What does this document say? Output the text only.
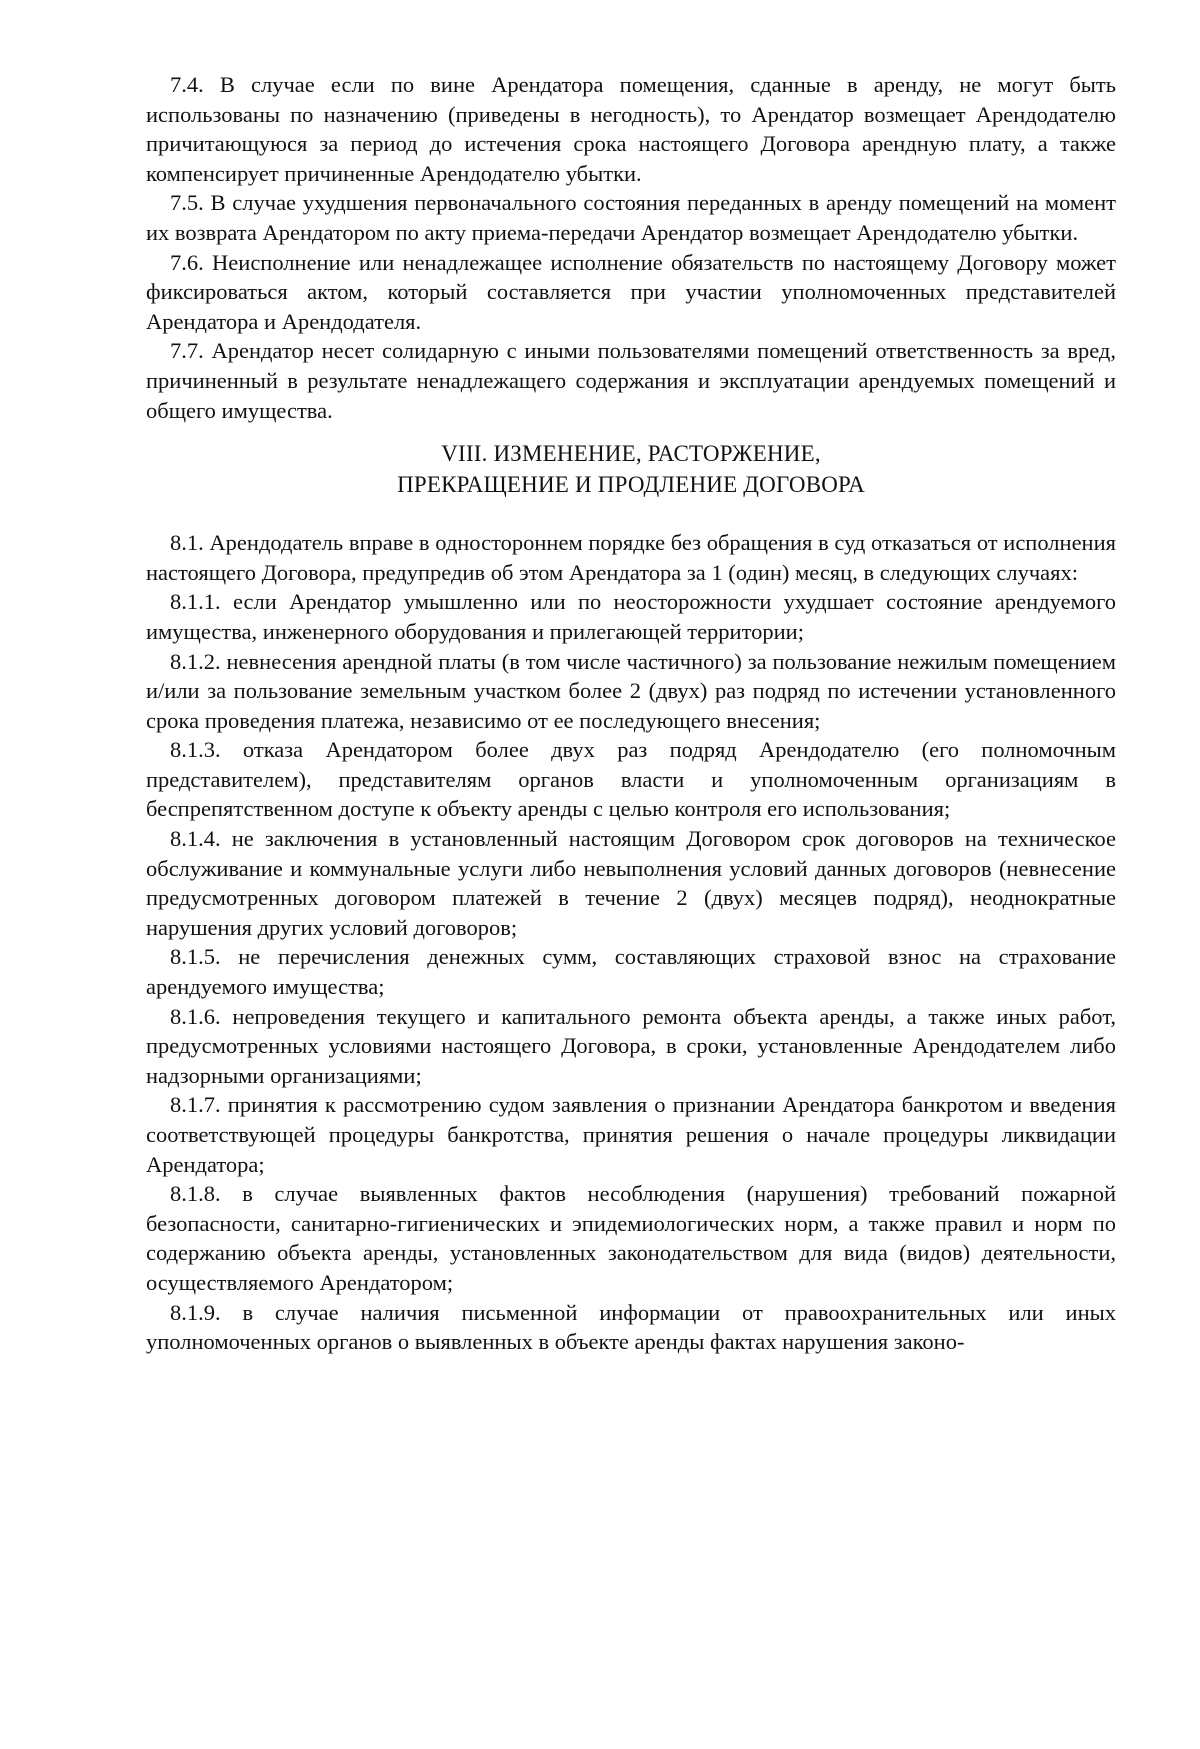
7.4. В случае если по вине Арендатора помещения, сданные в аренду, не могут быть использованы по назначению (приведены в негодность), то Арендатор возмещает Арендодателю причитающуюся за период до истечения срока настоящего Договора арендную плату, а также компенсирует причиненные Арендодателю убытки.

7.5. В случае ухудшения первоначального состояния переданных в аренду помещений на момент их возврата Арендатором по акту приема-передачи Арендатор возмещает Арендодателю убытки.

7.6. Неисполнение или ненадлежащее исполнение обязательств по настоящему Договору может фиксироваться актом, который составляется при участии уполномоченных представителей Арендатора и Арендодателя.

7.7. Арендатор несет солидарную с иными пользователями помещений ответственность за вред, причиненный в результате ненадлежащего содержания и эксплуатации арендуемых помещений и общего имущества.

VIII. ИЗМЕНЕНИЕ, РАСТОРЖЕНИЕ,

ПРЕКРАЩЕНИЕ И ПРОДЛЕНИЕ ДОГОВОРА

8.1. Арендодатель вправе в одностороннем порядке без обращения в суд отказаться от исполнения настоящего Договора, предупредив об этом Арендатора за 1 (один) месяц, в следующих случаях:

8.1.1. если Арендатор умышленно или по неосторожности ухудшает состояние арендуемого имущества, инженерного оборудования и прилегающей территории;

8.1.2. невнесения арендной платы (в том числе частичного) за пользование нежилым помещением и/или за пользование земельным участком более 2 (двух) раз подряд по истечении установленного срока проведения платежа, независимо от ее последующего внесения;

8.1.3. отказа Арендатором более двух раз подряд Арендодателю (его полномочным представителем), представителям органов власти и уполномоченным организациям в беспрепятственном доступе к объекту аренды с целью контроля его использования;

8.1.4. не заключения в установленный настоящим Договором срок договоров на техническое обслуживание и коммунальные услуги либо невыполнения условий данных договоров (невнесение предусмотренных договором платежей в течение 2 (двух) месяцев подряд), неоднократные нарушения других условий договоров;

8.1.5. не перечисления денежных сумм, составляющих страховой взнос на страхование арендуемого имущества;

8.1.6. непроведения текущего и капитального ремонта объекта аренды, а также иных работ, предусмотренных условиями настоящего Договора, в сроки, установленные Арендодателем либо надзорными организациями;

8.1.7. принятия к рассмотрению судом заявления о признании Арендатора банкротом и введения соответствующей процедуры банкротства, принятия решения о начале процедуры ликвидации Арендатора;

8.1.8. в случае выявленных фактов несоблюдения (нарушения) требований пожарной безопасности, санитарно-гигиенических и эпидемиологических норм, а также правил и норм по содержанию объекта аренды, установленных законодательством для вида (видов) деятельности, осуществляемого Арендатором;

8.1.9. в случае наличия письменной информации от правоохранительных или иных уполномоченных органов о выявленных в объекте аренды фактах нарушения законо-
